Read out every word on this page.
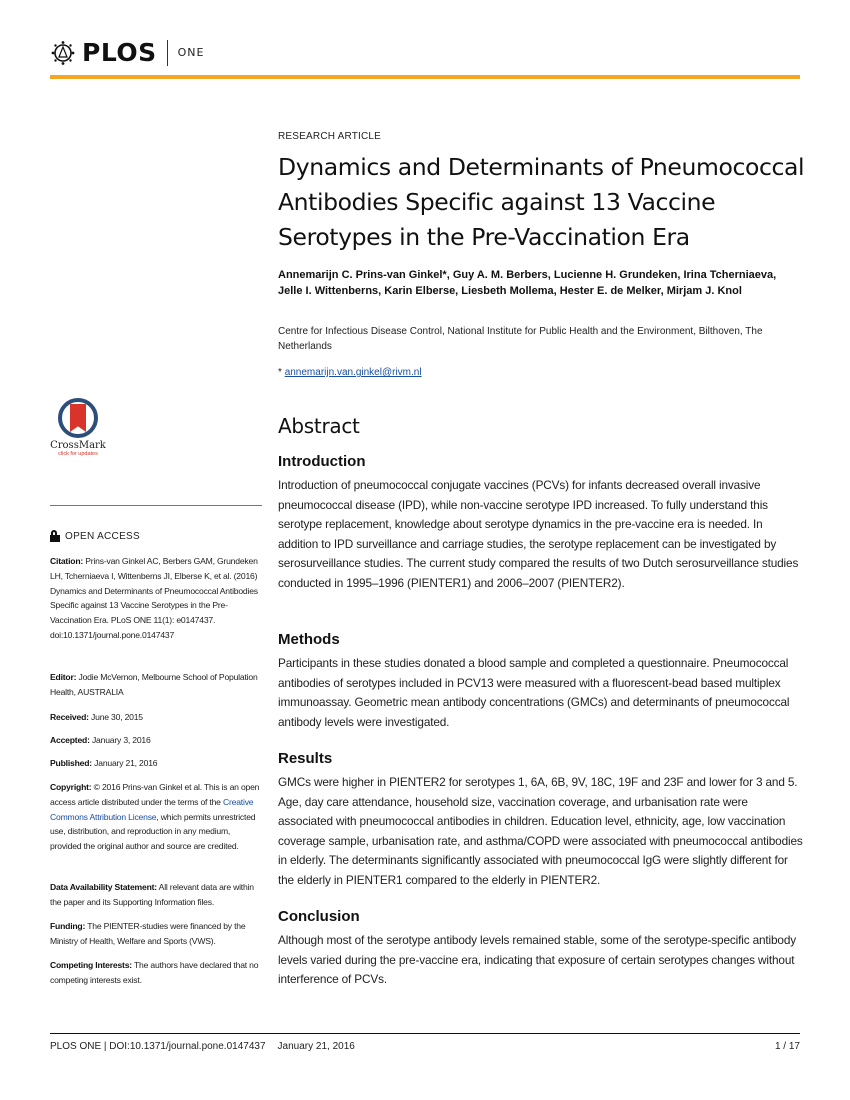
PLOS ONE
RESEARCH ARTICLE
Dynamics and Determinants of Pneumococcal Antibodies Specific against 13 Vaccine Serotypes in the Pre-Vaccination Era
Annemarijn C. Prins-van Ginkel*, Guy A. M. Berbers, Lucienne H. Grundeken, Irina Tcherniaeva, Jelle I. Wittenberns, Karin Elberse, Liesbeth Mollema, Hester E. de Melker, Mirjam J. Knol
Centre for Infectious Disease Control, National Institute for Public Health and the Environment, Bilthoven, The Netherlands
* annemarijn.van.ginkel@rivm.nl
CrossMark
click for updates
OPEN ACCESS
Citation: Prins-van Ginkel AC, Berbers GAM, Grundeken LH, Tcherniaeva I, Wittenberns JI, Elberse K, et al. (2016) Dynamics and Determinants of Pneumococcal Antibodies Specific against 13 Vaccine Serotypes in the Pre-Vaccination Era. PLoS ONE 11(1): e0147437. doi:10.1371/journal.pone.0147437
Editor: Jodie McVernon, Melbourne School of Population Health, AUSTRALIA
Received: June 30, 2015
Accepted: January 3, 2016
Published: January 21, 2016
Copyright: © 2016 Prins-van Ginkel et al. This is an open access article distributed under the terms of the Creative Commons Attribution License, which permits unrestricted use, distribution, and reproduction in any medium, provided the original author and source are credited.
Data Availability Statement: All relevant data are within the paper and its Supporting Information files.
Funding: The PIENTER-studies were financed by the Ministry of Health, Welfare and Sports (VWS).
Competing Interests: The authors have declared that no competing interests exist.
Abstract
Introduction
Introduction of pneumococcal conjugate vaccines (PCVs) for infants decreased overall invasive pneumococcal disease (IPD), while non-vaccine serotype IPD increased. To fully understand this serotype replacement, knowledge about serotype dynamics in the pre-vaccine era is needed. In addition to IPD surveillance and carriage studies, the serotype replacement can be investigated by serosurveillance studies. The current study compared the results of two Dutch serosurveillance studies conducted in 1995–1996 (PIENTER1) and 2006–2007 (PIENTER2).
Methods
Participants in these studies donated a blood sample and completed a questionnaire. Pneumococcal antibodies of serotypes included in PCV13 were measured with a fluorescent-bead based multiplex immunoassay. Geometric mean antibody concentrations (GMCs) and determinants of pneumococcal antibody levels were investigated.
Results
GMCs were higher in PIENTER2 for serotypes 1, 6A, 6B, 9V, 18C, 19F and 23F and lower for 3 and 5. Age, day care attendance, household size, vaccination coverage, and urbanisation rate were associated with pneumococcal antibodies in children. Education level, ethnicity, age, low vaccination coverage sample, urbanisation rate, and asthma/COPD were associated with pneumococcal antibodies in elderly. The determinants significantly associated with pneumococcal IgG were slightly different for the elderly in PIENTER1 compared to the elderly in PIENTER2.
Conclusion
Although most of the serotype antibody levels remained stable, some of the serotype-specific antibody levels varied during the pre-vaccine era, indicating that exposure of certain serotypes changes without interference of PCVs.
PLOS ONE | DOI:10.1371/journal.pone.0147437 January 21, 2016	1 / 17
